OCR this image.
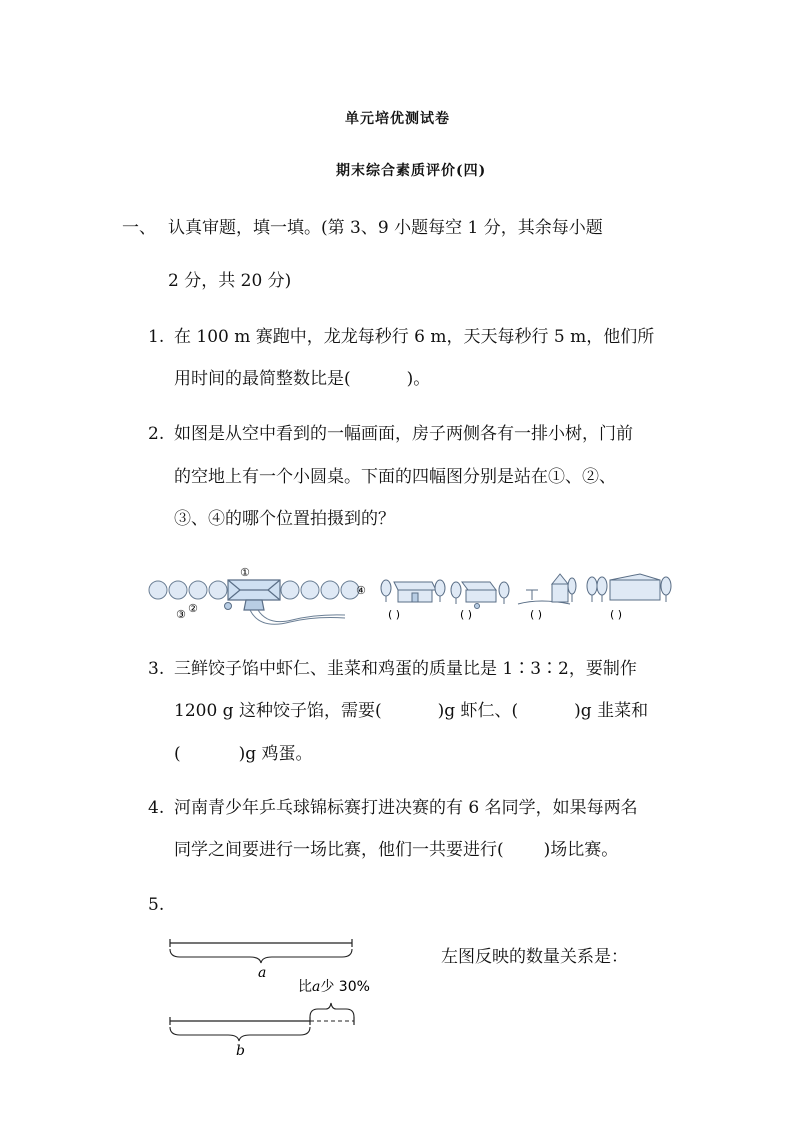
单元培优测试卷
期末综合素质评价(四)
一、 认真审题，填一填。(第 3、9 小题每空 1 分，其余每小题
2 分，共 20 分)
1. 在 100 m 赛跑中，龙龙每秒行 6 m，天天每秒行 5 m，他们所
用时间的最简整数比是(	)。
2. 如图是从空中看到的一幅画面，房子两侧各有一排小树，门前
的空地上有一个小圆桌。下面的四幅图分别是站在①、②、
③、④的哪个位置拍摄到的？
①
②
③
④
( )	( )	( )	( )
3. 三鲜饺子馅中虾仁、韭菜和鸡蛋的质量比是 1∶3∶2，要制作
1200 g 这种饺子馅，需要(	)g 虾仁、(	)g 韭菜和
(	)g 鸡蛋。
4. 河南青少年乒乓球锦标赛打进决赛的有 6 名同学，如果每两名
同学之间要进行一场比赛，他们一共要进行( )场比赛。
5.
a
比a少 30%
b
左图反映的数量关系是：
